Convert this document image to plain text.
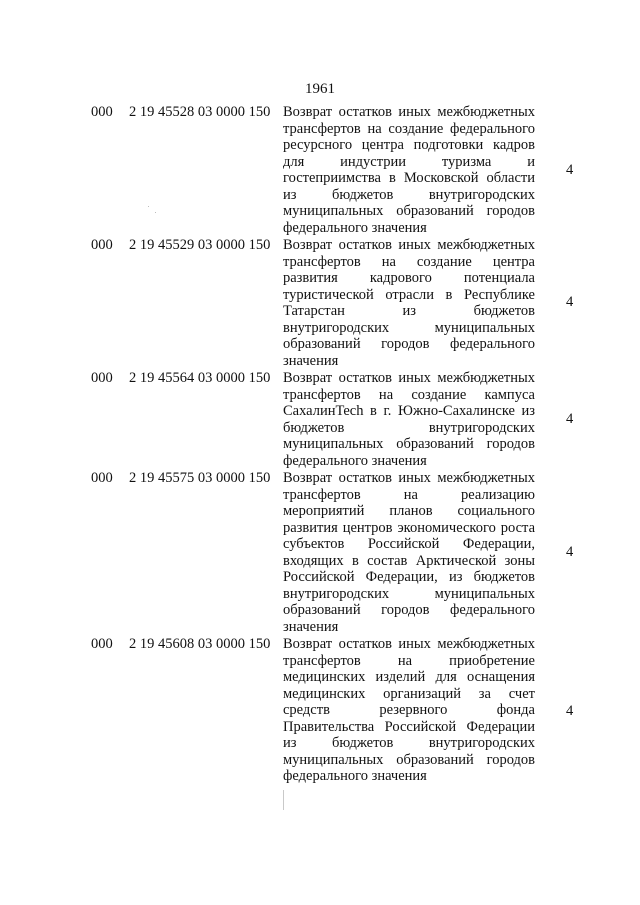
1961
000 2 19 45528 03 0000 150 Возврат остатков иных межбюджетных трансфертов на создание федерального ресурсного центра подготовки кадров для индустрии туризма и гостеприимства в Московской области из бюджетов внутригородских муниципальных образований городов федерального значения
4
000 2 19 45529 03 0000 150 Возврат остатков иных межбюджетных трансфертов на создание центра развития кадрового потенциала туристической отрасли в Республике Татарстан из бюджетов внутригородских муниципальных образований городов федерального значения
4
000 2 19 45564 03 0000 150 Возврат остатков иных межбюджетных трансфертов на создание кампуса СахалинTech в г. Южно-Сахалинске из бюджетов внутригородских муниципальных образований городов федерального значения
4
000 2 19 45575 03 0000 150 Возврат остатков иных межбюджетных трансфертов на реализацию мероприятий планов социального развития центров экономического роста субъектов Российской Федерации, входящих в состав Арктической зоны Российской Федерации, из бюджетов внутригородских муниципальных образований городов федерального значения
4
000 2 19 45608 03 0000 150 Возврат остатков иных межбюджетных трансфертов на приобретение медицинских изделий для оснащения медицинских организаций за счет средств резервного фонда Правительства Российской Федерации из бюджетов внутригородских муниципальных образований городов федерального значения
4
